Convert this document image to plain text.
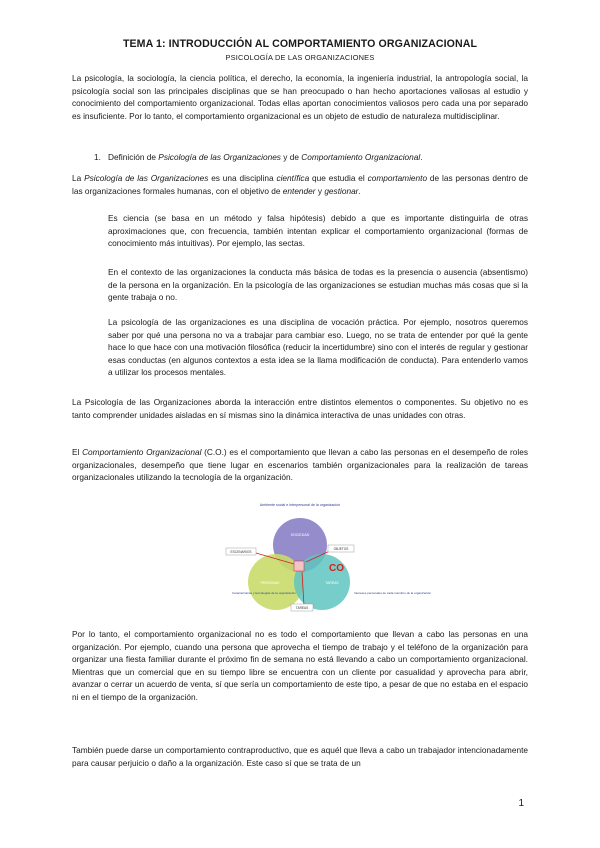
TEMA 1: INTRODUCCIÓN AL COMPORTAMIENTO ORGANIZACIONAL
PSICOLOGÍA DE LAS ORGANIZACIONES

La psicología, la sociología, la ciencia política, el derecho, la economía, la ingeniería industrial, la antropología social, la psicología social son las principales disciplinas que se han preocupado o han hecho aportaciones valiosas al estudio y conocimiento del comportamiento organizacional. Todas ellas aportan conocimientos valiosos pero cada una por separado es insuficiente. Por lo tanto, el comportamiento organizacional es un objeto de estudio de naturaleza multidisciplinar.

1. Definición de Psicología de las Organizaciones y de Comportamiento Organizacional.

La Psicología de las Organizaciones es una disciplina científica que estudia el comportamiento de las personas dentro de las organizaciones formales humanas, con el objetivo de entender y gestionar.

Es ciencia (se basa en un método y falsa hipótesis) debido a que es importante distinguirla de otras aproximaciones que, con frecuencia, también intentan explicar el comportamiento organizacional (formas de conocimiento más intuitivas). Por ejemplo, las sectas.

En el contexto de las organizaciones la conducta más básica de todas es la presencia o ausencia (absentismo) de la persona en la organización. En la psicología de las organizaciones se estudian muchas más cosas que si la gente trabaja o no.

La psicología de las organizaciones es una disciplina de vocación práctica. Por ejemplo, nosotros queremos saber por qué una persona no va a trabajar para cambiar eso. Luego, no se trata de entender por qué la gente hace lo que hace con una motivación filosófica (reducir la incertidumbre) sino con el interés de regular y gestionar esas conductas (en algunos contextos a esta idea se la llama modificación de conducta). Para entenderlo vamos a utilizar los procesos mentales.

La Psicología de las Organizaciones aborda la interacción entre distintos elementos o componentes. Su objetivo no es tanto comprender unidades aisladas en sí mismas sino la dinámica interactiva de unas unidades con otras.

El Comportamiento Organizacional (C.O.) es el comportamiento que llevan a cabo las personas en el desempeño de roles organizacionales, desempeño que tiene lugar en escenarios también organizacionales para la realización de tareas organizacionales utilizando la tecnología de la organización.

Ambiente social e interpersonal de la organización
SOCIEDAD
PERSONAS	TAREAS
ESCENARIOS
OBJETOS
TAREAS
CO
Características y tecnologías de la organización	Intereses personales de cada miembro de la organización

Por lo tanto, el comportamiento organizacional no es todo el comportamiento que llevan a cabo las personas en una organización. Por ejemplo, cuando una persona que aprovecha el tiempo de trabajo y el teléfono de la organización para organizar una fiesta familiar durante el próximo fin de semana no está llevando a cabo un comportamiento organizacional. Mientras que un comercial que en su tiempo libre se encuentra con un cliente por casualidad y aprovecha para abrir, avanzar o cerrar un acuerdo de venta, sí que sería un comportamiento de este tipo, a pesar de que no estaba en el espacio ni en el tiempo de la organización.

También puede darse un comportamiento contraproductivo, que es aquél que lleva a cabo un trabajador intencionadamente para causar perjuicio o daño a la organización. Este caso sí que se trata de un

1
